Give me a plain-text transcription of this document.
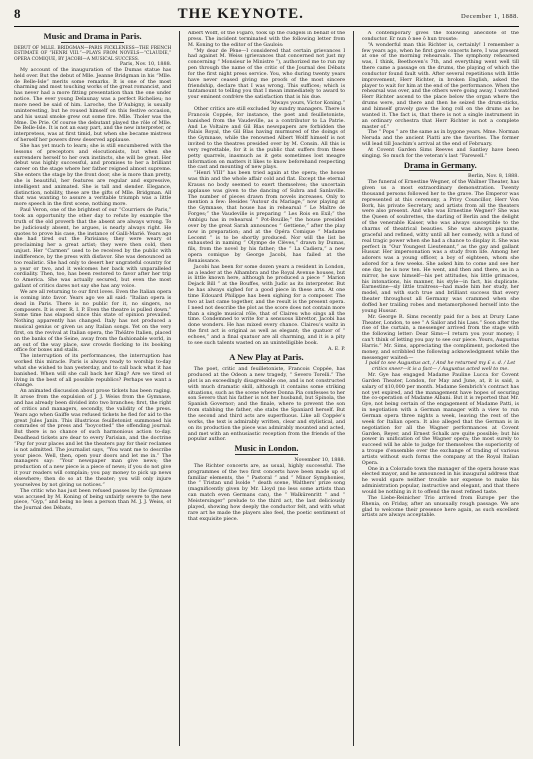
8	THE KEYNOTE.	December 1, 1888.
Music and Drama in Paris.

DEBUT OF MLLE. BRIDGMAN—PARIS FICKLENESS—THE FRENCH ESTIMATE OF “HENRI VIII.”—PLAYS FROM NOVELS—“CLAUDIE,” OPERA COMIQUE, BY JACOBI—A MUSICAL SUCCESS.

Paris, Nov. 10, 1888.

My account of the inauguration of the Dumas statue has held over. But the debut of Mlle. Jeanne Bridgman in his “Mlle. de Belle-Isle” merits some remarks. It is one of the most charming and most touching works of the great romancist, and has never had a more fitting presentation than the one under notice. The ever young Delaunay was a perfect Richelieu; no more need be said of him. Laroche, the D’Aubigny, is usually uninteresting, but he roused himself on this festive occasion, and his usual smoke grew out some fire. Mlle. Tholer was the Mme. De Prie. Of course the debutant played the rôle of Mlle. De Belle-Isle. It is not an easy part, and the new interpreter, or interpretess, was at first timid, but when she became mistress of herself her powers drew deserved applause.

She has yet much to learn; she is still encumbered with the lessons of preceptors and elocutionists, but when she surrenders herself to her own instincts, she will be great. Her debut was highly successful, and promises to her a brilliant career on the stage where her father reigned almost supreme. She enters the stage by the front door, she is more than pretty, she is beautiful, her features are regular and expressive, intelligent and animated. She is tall and slender. Elegance, distinction, nobility, these are the gifts of Mlle. Bridgman. All that was wanting to assure a veritable triumph was a little more speech in the first scene, nothing more.

Paul Veron, one of the brightest of our “Courriers de Paris,” took an opportunity the other day to refute by example the truth of the old proverb that the absent are always wrong. To be judiciously absent, he argues, is nearly always right. He quotes to prove his case, the instance of Galli-Marié. Years ago she had tired out the Parisians; they were weary of proclaiming her a great artist; they were then cold, then unjust. Her “Carmen” used to be received by the public with indifference, by the press with disfavor. She was denounced as too realistic. She had only to desert her ungrateful country for a year or two, and it welcomes her back with unparalleled cordiality. Then, too, has been restored to favor after her trip to America. She was actually secured, but even the most gallant of critics dares not say she has any voice.

We are all returning to our first loves. Even the Italian opera is coming into favor. Years ago we all said: “Italian opera is dead in Paris. There is no public for it, no singers, no composers. It is over. R. I. P. Even the theatre is pulled down.” Some time has elapsed since this state of opinion prevailed. Nothing apparently has changed. Italy has not produced a musical genius or given us any Italian songs. Yet on the very first, on the revival at Italian opera, the Théâtre Italien, placed on the banks of the Seine, away from the fashionable world, in an out of the way place, saw crowds flocking to its booking office for boxes and stalls.

The interruption of its performances, the interruption has worked this miracle. Paris is always ready to worship to-day what she wished to ban yesterday, and to call back what it has banished. When will she call back her King? Are we tired of living in the best of all possible republics? Perhaps we want a change.

An animated discussion about prose tickets has been raging. It arose from the expulsion of J. J. Weiss from the Gymnase, and has already been divided into two branches; first, the right of critics and managers, secondly, the validity of the press. Years ago when Gaiffe was refused tickets he fled for aid to the great Jules Janin. This illustrious feuilletonist summoned his comrades of the press and “boycotted” the offending journal. But there is no chance of such harmonious action to-day. Deadhead tickets are dear to every Parisian, and the doctrine “Pay for your places and let the theaters pay for their reclames is not admitted. The journalist says, “You want me to describe your piece. Well, then, open your doors and let me in.” The managers say: “Your newspaper man give news; the production of a new piece is a piece of news; if you do not give it your readers will complain; you pay money to pick up news elsewhere; then do so at the theater; you will only injure yourselves by not giving us notices.”

The critic who has just been refused passes by the Gymnase was accused by M. Koning of being unfairly severe to the new piece, “Gyp,” and being no less a person than M. J. J. Weiss, of the Journal des Débats,

Albert Wolff, of the Figaro, took up the cudgels in behalf of the press. The incident terminated with the following letter from M. Koning to the editor of the Gaulois:

“My dear de Pène—I considered that certain grievances I had against M. Weiss (grievances that concerned not just my concerning “ Monsieur le Ministre ”), authorized me to run my pen through the name of the critic of the Journal des Débats for the first night press service. You, who during twenty years have never ceased giving me proofs of the most sincere friendship, declare that I was wrong. This suffices; which is tantamount to telling you that I mean immediately to award to your eminent confrère the satisfaction that is his due.

“Always yours, Victor Koning.”

Other critics are still excluded by sundry managers. There is Francois Coppée, for instance, the poet and feuilletoniste, banished from the Vaudeville, as a contributor to La Patrie. And Le Voltaire and Gil Blas newspapers are forbidden the Palais Royal, the Gil Blas having murmured of the doings of the Gymnase, while the renowned Albert Wolff himself is not invited to the theatres presided over by M. Consin. All this is very regrettable, for it is the public that suffers from these petty quarrels, inasmuch as it gets sometimes lost meagre information on matters it likes to know beforehand respecting the cast and mounting of new plays.

“Henri VIII” has been tried again at the opera; the house was thin and the whole affair cold and flat. Except the eternal Krauss no body seemed to exert themselves; the uncertain applause was given to the dancing of Subra and Sanlaville. The number of pieces drawn from novels increases. Only to mention a few: Besides “Autour du Mariage,” now playing at the Gymnase, that house has in rehearsal “ Le Maître de Forges;” the Vaudeville is preparing “ Les Rois en Exil;” the Ambigu has in rehearsal “ Pot-Bouille;” the house presided over by the great Sarah announces “ Gettiene,” after the play now in preparation; and at the Opéra Comique “ Madame Lecomt ” is to be shortly produced. Nor will the list be exhausted in naming “ Olympe de Clèves,” drawn by Dumas, fils, from the novel by his father; the “ La Cadiera,” a new opera comique by George Jacobi, has failed at the Renaissance.

Jacobi has been for some dozen years a resident in London, as a leader at the Alhambra and the Royal Avenue houses, but is little known here, although he produced a piece “ Marion Dejack Bill ” at the Bouffes, with Judic as its interpreter. But he has always sighed for a good piece in these arts. At one time Edouard Philippe has been sighing for a composer. The two at last came together, and the result is the present opera. I need not describe the plot as the score does not contain more than a single musical rôle, that of Claireu who sings all the time. Condemned to write for a sensuous librettor, Jacobi has done wonders. He has mixed every chance. Claireu’s waltz in the first act is original as well as elegant; the quatuor of “ echoes,” and a final quatuor are all charming, and it is a pity to see such talents wasted on an unintelligible book.

A. E. P.

A New Play at Paris.

The poet, critic and feuilletoniste, Francois Coppée, has produced at the Odeon a new tragedy, “ Severo Torelli.” The plot is an exceedingly disagreeable one, and is not constructed with much dramatic skill, although it contains some striking situations, such as the scene where Donna Pia confesses to her son Severo that his father is not her husband, but Spinola, the Spanish Governor; and the finale, where to prevent the son from stabbing the father, she stabs the Spaniard herself. But the second and third acts are superfluous. Like all Coppée’s works, the text is admirably written, clear and stylistical, and on its production the piece was admirably mounted and acted, and met with an enthusiastic reception from the friends of the popular author.

Music in London.

November 10, 1888.

The Richter concerts are, as usual, highly successful. The programmes of the two first concerts have been made up of familiar elements, the “ Pastoral ” and “ Minor Symphonies, the “ Tristan und Isolde ” death scene, Walthers’ prize song (magnificently given by Mr. Lloyd (no less some artists than can match even Germans can), the “ Walkürenritt ” and “ Meistersinger” prelude to the third act, the last deliciously played, showing how deeply the conductor felt, and with what rare art he made the players also feel, the poetic sentiment of that exquisite piece.

A contemporary gives the following anecdote of the conductor. Er nun ô nee ô hun trouste:

“A wonderful man this Richter is, certainly! I remember a few years ago, when he first gave concerts here, I was present at one of the morning rehearsals. The symphony rehearsed was, I think, Beethoven’s 7th, and everything went well till there came a passage on the drums, the playing of which the conductor found fault with. After several repetitions with little improvement, Herr Richter, in broken English, asked the player to wait for him at the end of the performance. When the rehearsal was over, and the others were going away, I watched Herr Richter ascend to the place below the organ where the drums were, and there and then he seized the drum-sticks, and himself gravely gave the long roll on the drums as he wanted it. The fact is, that there is not a single instrument in an ordinary orchestra that Herr Richter is not a complete master of.”

The “ Pops ” are the same as in bygone years. Mme. Norman Neruda and the ancient Piatti are the favorites. The former will lead till Joachim’s arrival at the end of February.

At Covent Garden Sims Reeves and Santley have been singing. So much for the veteran’s last “Farewell.”

Drama in Germany.

Berlin, Nov. 8, 1888.

The funeral of Ernestine Wegner, of the Wallner Theater, has given us a most extraordinary demonstration. Twenty thousand persons followed her to the grave. The Emperor was represented at this ceremony, a Privy Councillor, Herr Von Bork, his private Secretary, and artists from all the theaters were also present. And who was Ernestine Wegner? She was the Queen of soubrettes, the darling of Berlin and the delight of the venerable Kaiser, who was always susceptible to the charms of theatrical beauties. She was always piquante, graceful and refined, witty until all her comedy, with a fund of real tragic power when she had a chance to display it. She was perfect in “Our Youngest Lieutenant,” as the gay and gallant Hussar. Her impersonation was a study from life. Among her adorers was a young officer, a boy of eighteen, whom she adored for a few weeks. She asked him to come and see her one day, he is now ten. He went, and then and there, as in a mirror, he saw himself—his pet attitudes, his little grimaces, his intonations, his manner, his style—in fact, his duplicate. Earnestine—sly little traitress—had made him her study, her model, and with such true and brilliant success that every theater throughout all Germany was crammed when she doffed her trailing robes and metamorphosed herself into the young Hussar.

Mr. George R. Sims recently paid for a box at Drury Lane Theater, London, to see “ A Sailor and his Lass.” Soon after the rise of the curtain, a messenger arrived from the stage with the following letter: Dear Sims—I return you your money; I can’t think of letting you pay to see our piece. Yours, Augustus Harris.” Mr. Sims, appreciating the compliment, pocketed the money, and scribbled the following acknowledgment while the messenger waited:—

I paid to see Augustus act, / And he returned my £ s. d. / Let critics sneer—it is a fact— / Augustus acted well to me.

Mr. Gye has engaged Madame Pauline Lucca for Covent Garden Theater, London, for May and June, at, it is said, a salary of $10,000 per month. Madame Sembrich’s contract has not yet expired, and the management have hopes of securing the co-operation of Madame Albani. But it is reported that Mr. Gye, not being certain of the engagement of Madame Patti, is in negotiation with a German manager with a view to run German opera three nights a week, leaving the rest of the week for Italian opera. It also alleged that the German is in negotiation for all the Wagner performances at Covent Garden, Reyer, and Ernest Schalk are quite possible; but his power in unification of the Wagner opera; the most surely to succeed will he able to judge for themselves the superiority of a troupe d’ensemble over the exchange of trading of various artists without such forms the company at the Royal Italian Opera.

One in a Colorado town the manager of the opera house was elected mayor, and he announced in his inaugural address that he would spare neither trouble nor expense to make his administration popular, instructive and elegant, and that there would be nothing in it to offend the most refined taste.

The Liebe-Reinicher Trio arrived from Europe per the Rhenia, on Friday, after an unusually rough passage. We are glad to welcome their presence here again, as such excellent artists are always acceptable.
